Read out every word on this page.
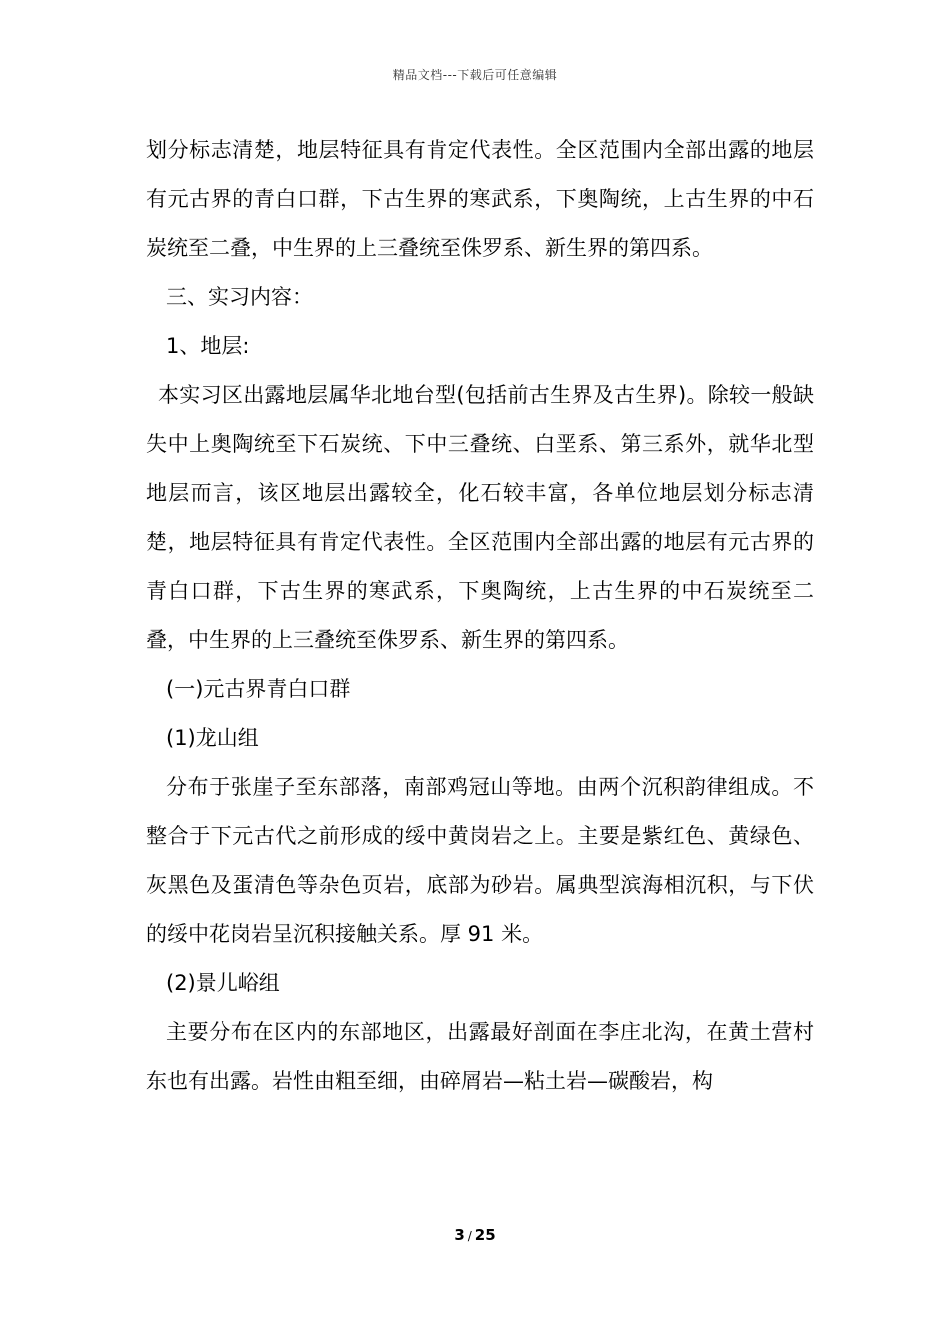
精品文档---下载后可任意编辑

划分标志清楚，地层特征具有肯定代表性。全区范围内全部出露的地层有元古界的青白口群，下古生界的寒武系，下奥陶统，上古生界的中石炭统至二叠，中生界的上三叠统至侏罗系、新生界的第四系。

三、实习内容：

1、地层:

本实习区出露地层属华北地台型(包括前古生界及古生界)。除较一般缺失中上奥陶统至下石炭统、下中三叠统、白垩系、第三系外，就华北型地层而言，该区地层出露较全，化石较丰富，各单位地层划分标志清楚，地层特征具有肯定代表性。全区范围内全部出露的地层有元古界的青白口群，下古生界的寒武系，下奥陶统，上古生界的中石炭统至二叠，中生界的上三叠统至侏罗系、新生界的第四系。

(一)元古界青白口群

(1)龙山组

分布于张崖子至东部落，南部鸡冠山等地。由两个沉积韵律组成。不整合于下元古代之前形成的绥中黄岗岩之上。主要是紫红色、黄绿色、灰黑色及蛋清色等杂色页岩，底部为砂岩。属典型滨海相沉积，与下伏的绥中花岗岩呈沉积接触关系。厚 91 米。

(2)景儿峪组

主要分布在区内的东部地区，出露最好剖面在李庄北沟，在黄土营村东也有出露。岩性由粗至细，由碎屑岩—粘土岩—碳酸岩，构

3 / 25
